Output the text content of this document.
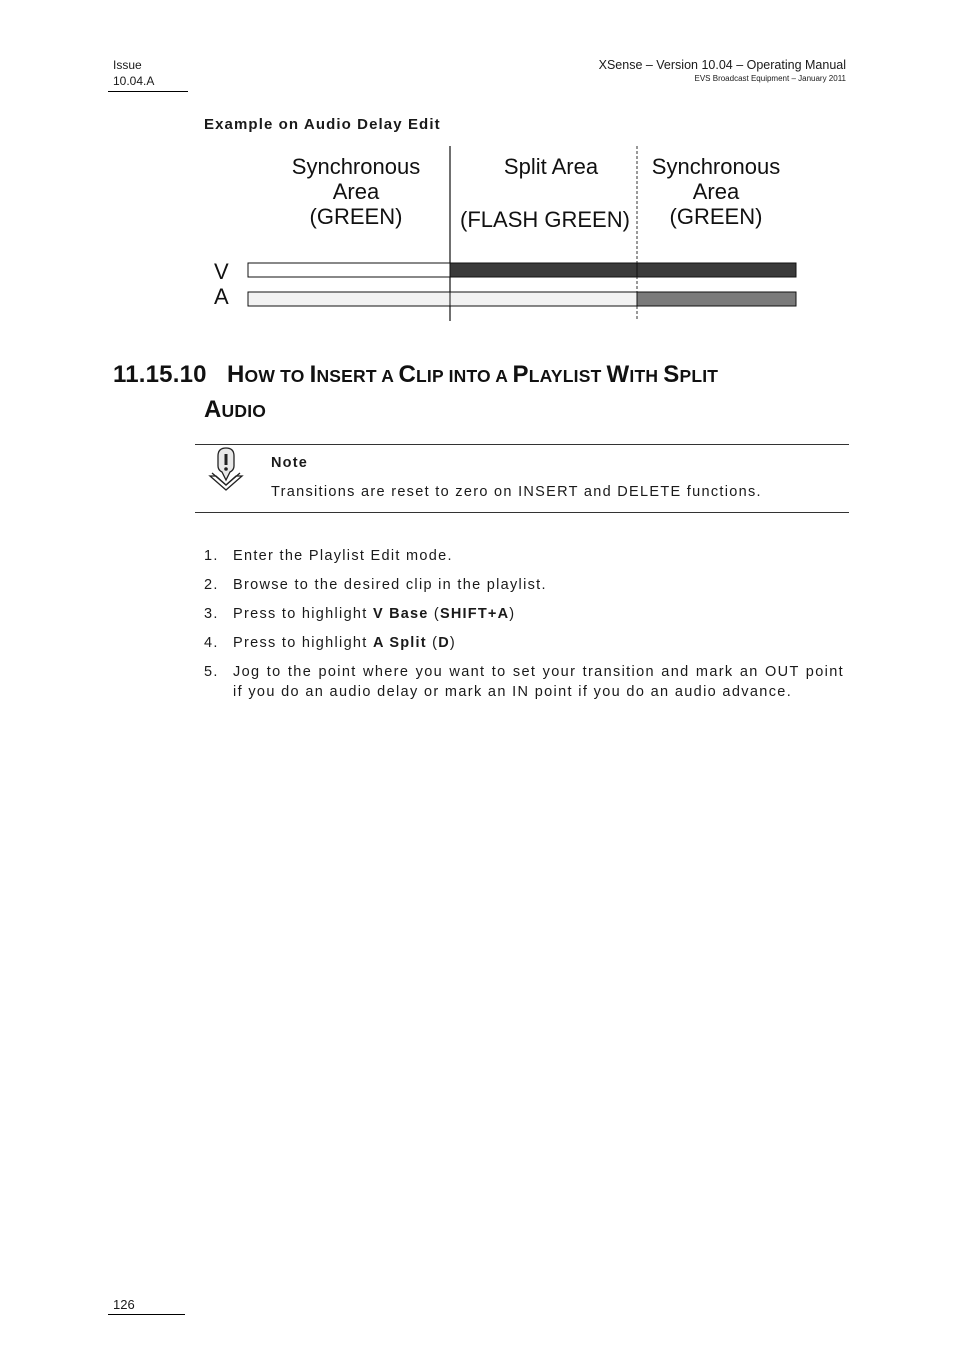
Issue
10.04.A
XSense – Version 10.04 – Operating Manual
EVS Broadcast Equipment – January 2011
Example on Audio Delay Edit
Synchronous
Area
(GREEN)
Split Area
(FLASH GREEN)
Synchronous
Area
(GREEN)
V
A
11.15.10 HOW TO INSERT A CLIP INTO A PLAYLIST WITH SPLIT
AUDIO
Note
Transitions are reset to zero on INSERT and DELETE functions.
1. Enter the Playlist Edit mode.
2. Browse to the desired clip in the playlist.
3. Press to highlight V Base (SHIFT+A)
4. Press to highlight A Split (D)
5. Jog to the point where you want to set your transition and mark an OUT point if you do an audio delay or mark an IN point if you do an audio advance.
126
